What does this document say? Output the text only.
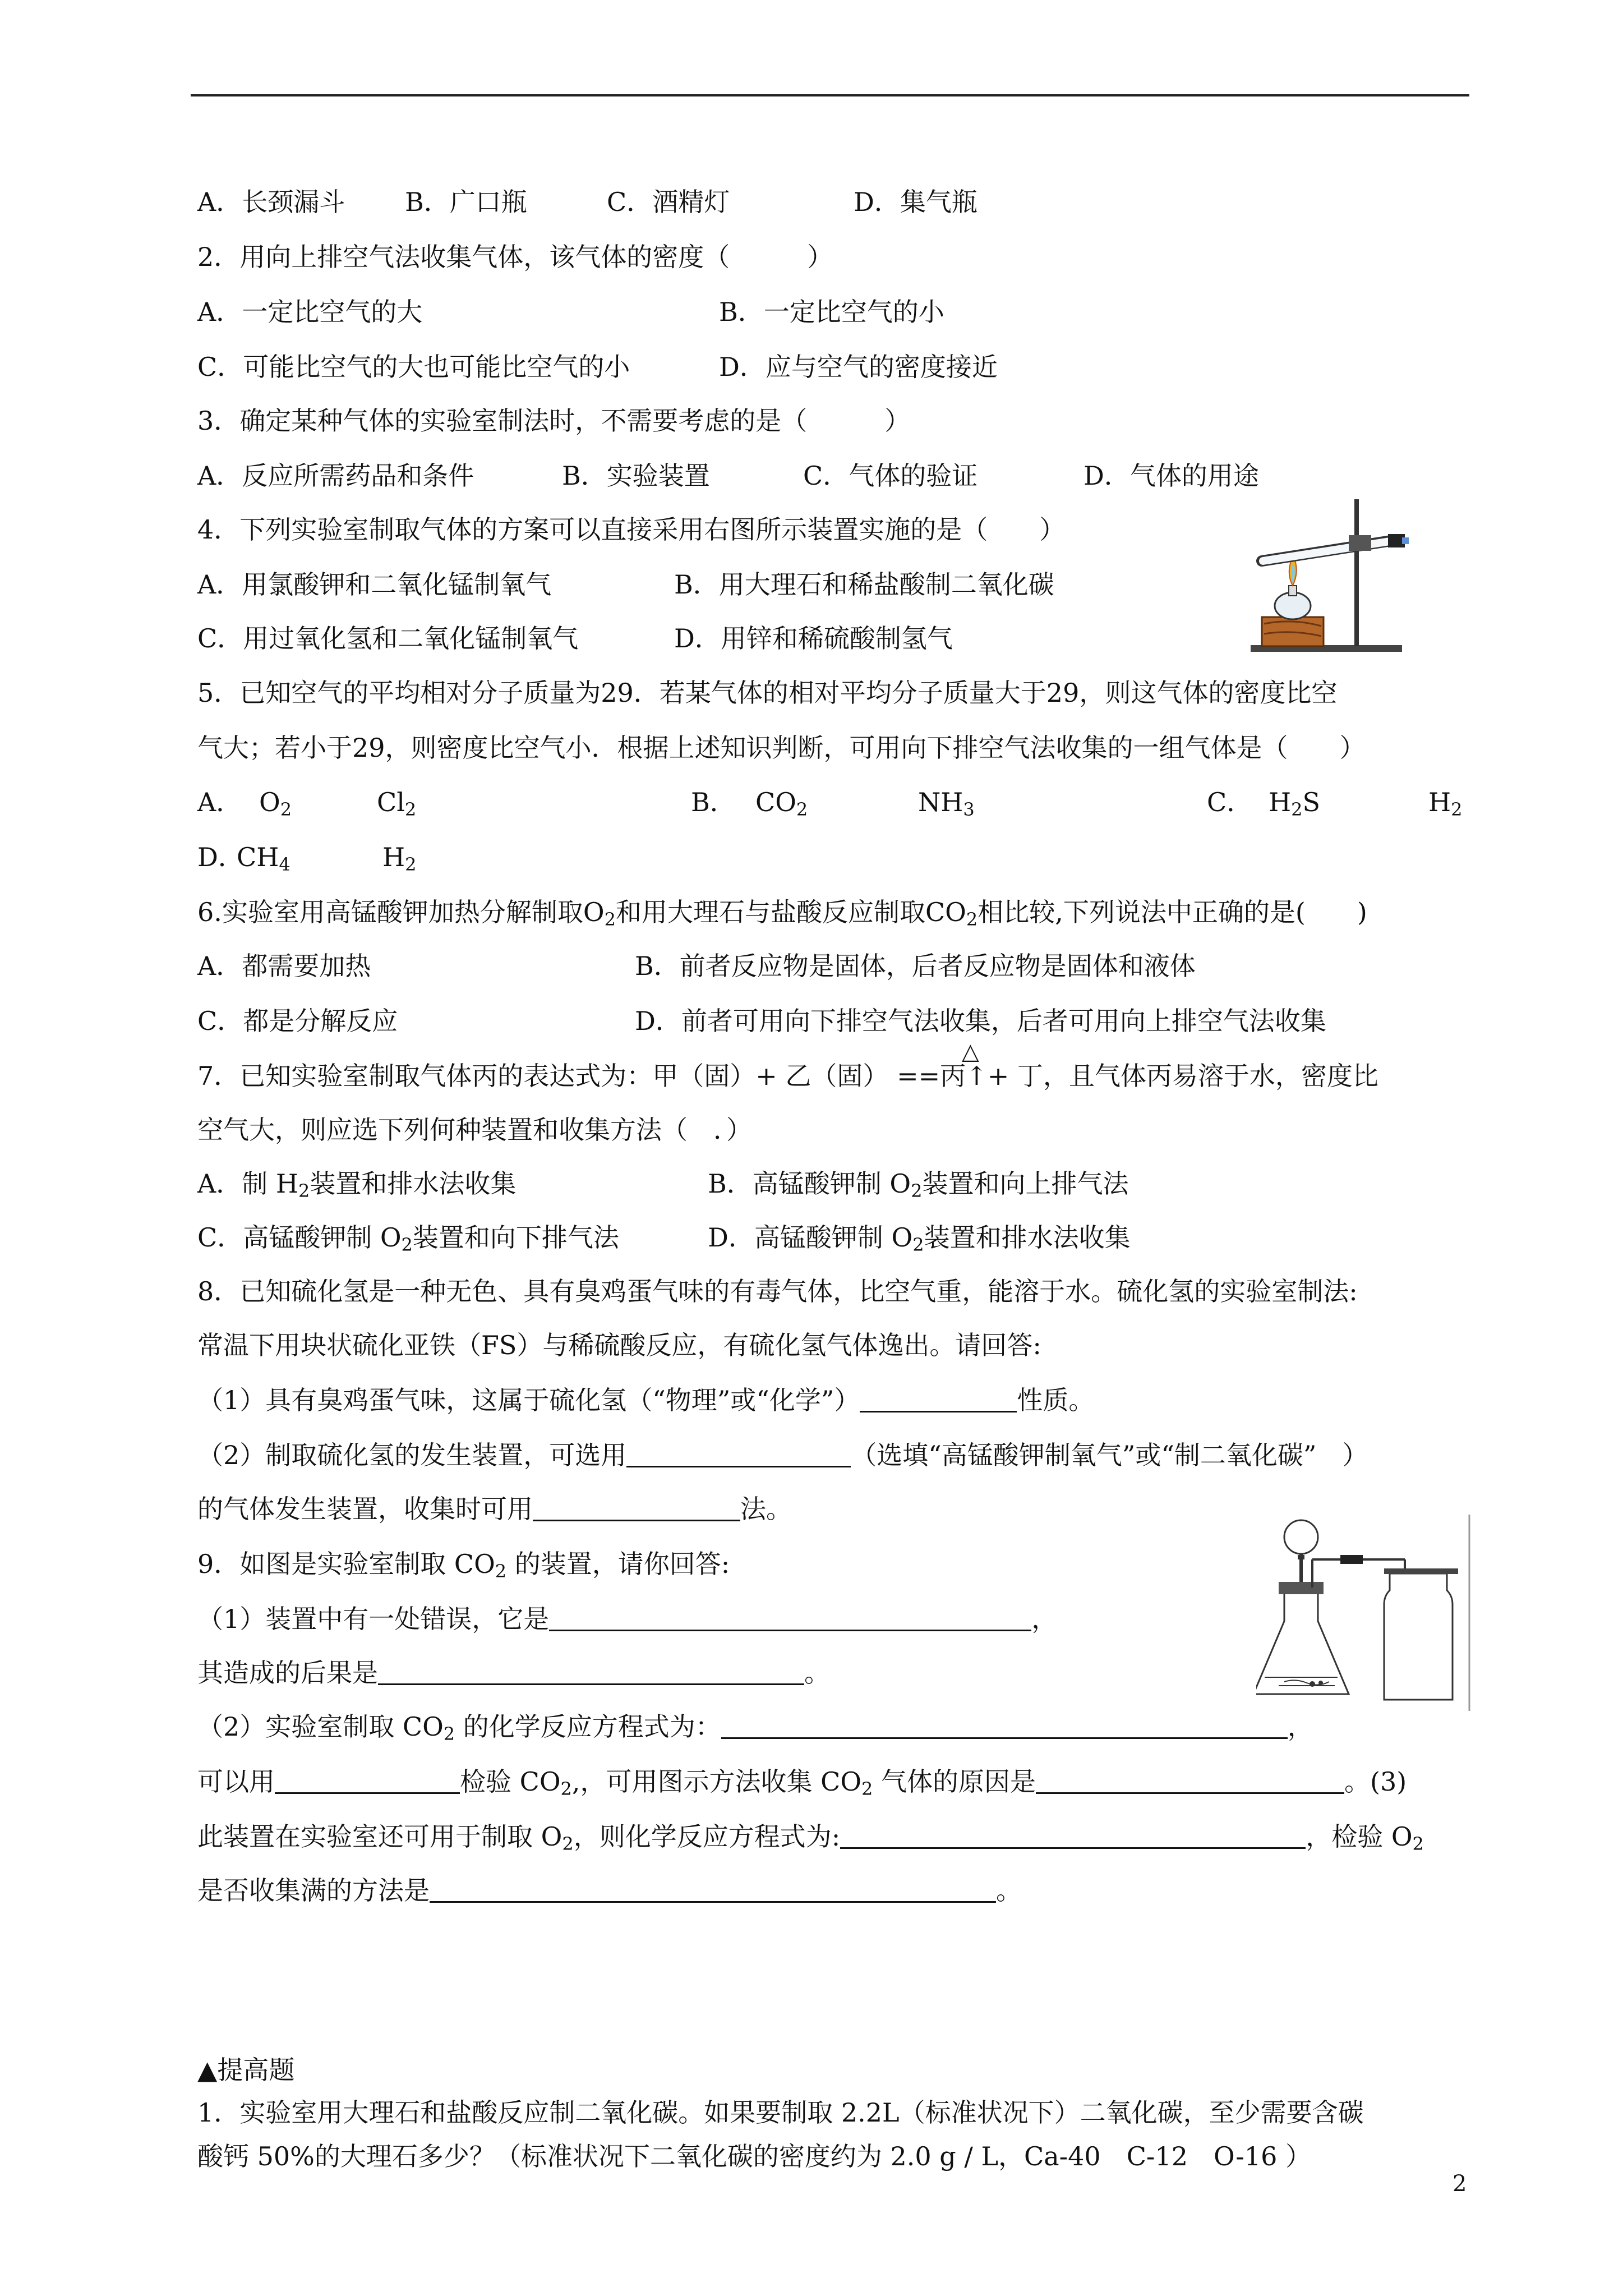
A．长颈漏斗 B．广口瓶	C．酒精灯	D．集气瓶
2．用向上排空气法收集气体，该气体的密度（　　　）
A．一定比空气的大	B．一定比空气的小
C．可能比空气的大也可能比空气的小	D．应与空气的密度接近
3．确定某种气体的实验室制法时，不需要考虑的是（　　　）
A．反应所需药品和条件	B．实验装置	C．气体的验证	D．气体的用途
4．下列实验室制取气体的方案可以直接采用右图所示装置实施的是（　　）
A．用氯酸钾和二氧化锰制氧气	B．用大理石和稀盐酸制二氧化碳
C．用过氧化氢和二氧化锰制氧气	D．用锌和稀硫酸制氢气
5．已知空气的平均相对分子质量为29．若某气体的相对平均分子质量大于29，则这气体的密度比空
气大；若小于29，则密度比空气小．根据上述知识判断，可用向下排空气法收集的一组气体是（　　）
A． $O_2$	$Cl_2$	B． $CO_2$	$NH_3$	C． $H_2S$	$H_2$
D．
$CH_4$	$H_2$
6.实验室用高锰酸钾加热分解制取$O_2$和用大理石与盐酸反应制取$CO_2$相比较,下列说法中正确的是(　　)
A．都需要加热	B．前者反应物是固体，后者反应物是固体和液体
C．都是分解反应	D．前者可用向下排空气法收集，后者可用向上排空气法收集
△
7．已知实验室制取气体丙的表达式为：甲（固）+ 乙（固） ==丙↑+ 丁，且气体丙易溶于水，密度比
空气大，则应选下列何种装置和收集方法（　．）
A．制 $H_2$装置和排水法收集	B．高锰酸钾制 $O_2$装置和向上排气法
C．高锰酸钾制 $O_2$装置和向下排气法	D．高锰酸钾制 $O_2$装置和排水法收集
8．已知硫化氢是一种无色、具有臭鸡蛋气味的有毒气体，比空气重，能溶于水。硫化氢的实验室制法:
常温下用块状硫化亚铁（FS）与稀硫酸反应，有硫化氢气体逸出。请回答:
（1）具有臭鸡蛋气味，这属于硫化氢（“物理”或“化学”）	性质。
（2）制取硫化氢的发生装置，可选用	（选填“高锰酸钾制氧气”或“制二氧化碳”　）
的气体发生装置，收集时可用	法。
9．如图是实验室制取 $CO_2$ 的装置，请你回答:
（1）装置中有一处错误，它是	，
其造成的后果是	。
（2）实验室制取 $CO_2$ 的化学反应方程式为：	，
可以用	检验 $CO_2$,，可用图示方法收集 $CO_2$ 气体的原因是	。(3)
此装置在实验室还可用于制取 $O_2$，则化学反应方程式为:	，检验 $O_2$
是否收集满的方法是	。
▲提高题
1．实验室用大理石和盐酸反应制二氧化碳。如果要制取 2.2L（标准状况下）二氧化碳，至少需要含碳
酸钙 50%的大理石多少？（标准状况下二氧化碳的密度约为 2.0 g / L，Ca-40　C-12　O-16 ）
2
